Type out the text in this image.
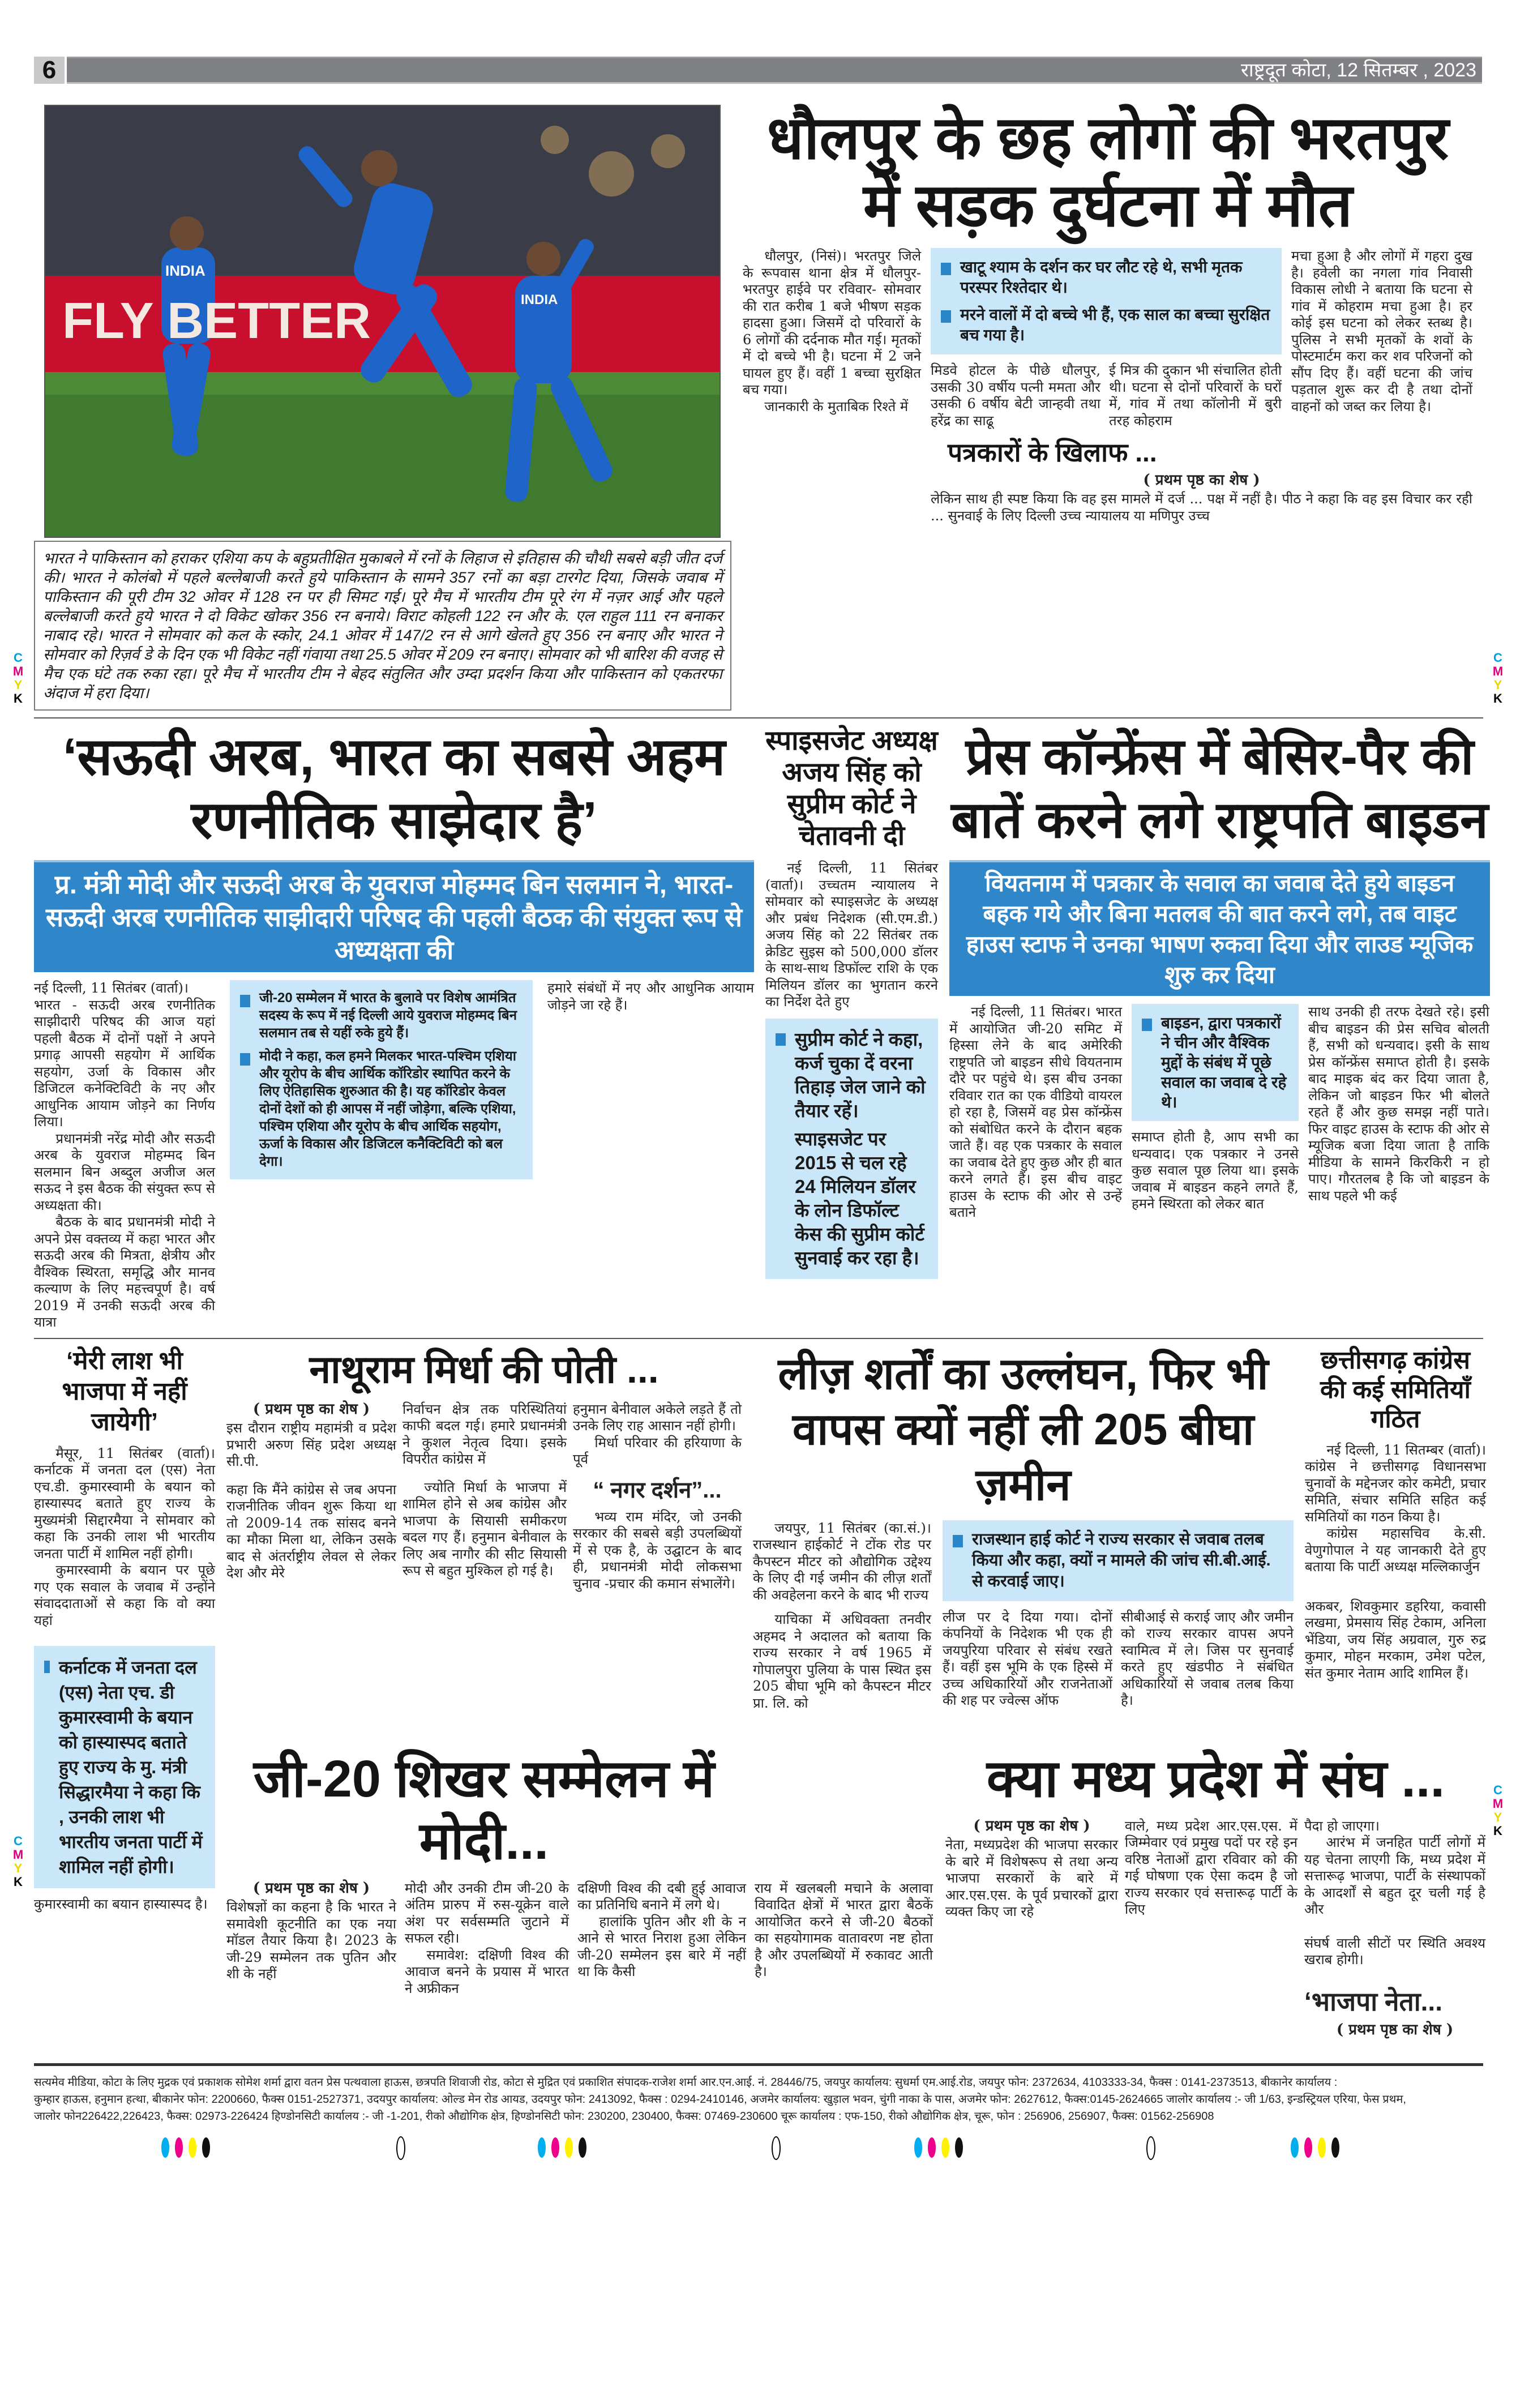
6	राष्ट्रदूत कोटा, 12 सितम्बर , 2023
C
M
Y
K
C
M
Y
K
C
M
Y
K
C
M
Y
K
INDIA
INDIA
FLY BETTER
भारत ने पाकिस्तान को हराकर एशिया कप के बहुप्रतीक्षित मुकाबले में रनों के लिहाज से इतिहास की चौथी सबसे बड़ी जीत दर्ज की। भारत ने कोलंबो में पहले बल्लेबाजी करते हुये पाकिस्तान के सामने 357 रनों का बड़ा टारगेट दिया, जिसके जवाब में पाकिस्तान की पूरी टीम 32 ओवर में 128 रन पर ही सिमट गई। पूरे मैच में भारतीय टीम पूरे रंग में नज़र आई और पहले बल्लेबाजी करते हुये भारत ने दो विकेट खोकर 356 रन बनाये। विराट कोहली 122 रन और के. एल राहुल 111 रन बनाकर नाबाद रहे। भारत ने सोमवार को कल के स्कोर, 24.1 ओवर में 147/2 रन से आगे खेलते हुए 356 रन बनाए और भारत ने सोमवार को रिज़र्व डे के दिन एक भी विकेट नहीं गंवाया तथा 25.5 ओवर में 209 रन बनाए। सोमवार को भी बारिश की वजह से मैच एक घंटे तक रुका रहा। पूरे मैच में भारतीय टीम ने बेहद संतुलित और उम्दा प्रदर्शन किया और पाकिस्तान को एकतरफा अंदाज में हरा दिया।
धौलपुर के छह लोगों की भरतपुर में सड़क दुर्घटना में मौत

धौलपुर, (निसं)। भरतपुर जिले के रूपवास थाना क्षेत्र में धौलपुर- भरतपुर हाईवे पर रविवार- सोमवार की रात करीब 1 बजे भीषण सड़क हादसा हुआ। जिसमें दो परिवारों के 6 लोगों की दर्दनाक मौत गई। मृतकों में दो बच्चे भी है। घटना में 2 जने घायल हुए हैं। वहीं 1 बच्चा सुरक्षित बच गया।

जानकारी के मुताबिक रिश्ते में

खाटू श्याम के दर्शन कर घर लौट रहे थे, सभी मृतक परस्पर रिश्तेदार थे।
मरने वालों में दो बच्चे भी हैं, एक साल का बच्चा सुरक्षित बच गया है।

मिडवे होटल के पीछे धौलपुर, उसकी 30 वर्षीय पत्नी ममता और उसकी 6 वर्षीय बेटी जान्हवी तथा हरेंद्र का साढू

ई मित्र की दुकान भी संचालित होती थी। घटना से दोनों परिवारों के घरों में, गांव में तथा कॉलोनी में बुरी तरह कोहराम

मचा हुआ है और लोगों में गहरा दुख है। हवेली का नगला गांव निवासी विकास लोधी ने बताया कि घटना से गांव में कोहराम मचा हुआ है। हर कोई इस घटना को लेकर स्तब्ध है। पुलिस ने सभी मृतकों के शवों के पोस्टमार्टम करा कर शव परिजनों को सौंप दिए हैं। वहीं घटना की जांच पड़ताल शुरू कर दी है तथा दोनों वाहनों को जब्त कर लिया है।

पत्रकारों के खिलाफ ...
( प्रथम पृष्ठ का शेष )

लेकिन साथ ही स्पष्ट किया कि वह इस मामले में दर्ज ... पक्ष में नहीं है। पीठ ने कहा कि वह इस विचार कर रही ... सुनवाई के लिए दिल्ली उच्च न्यायालय या मणिपुर उच्च

‘सऊदी अरब, भारत का सबसे अहम रणनीतिक साझेदार है’
प्र. मंत्री मोदी और सऊदी अरब के युवराज मोहम्मद बिन सलमान ने, भारत-सऊदी अरब रणनीतिक साझीदारी परिषद की पहली बैठक की संयुक्त रूप से अध्यक्षता की

नई दिल्ली, 11 सितंबर (वार्ता)।

भारत - सऊदी अरब रणनीतिक साझीदारी परिषद की आज यहां पहली बैठक में दोनों पक्षों ने अपने प्रगाढ़ आपसी सहयोग में आर्थिक सहयोग, उर्जा के विकास और डिजिटल कनेक्टिविटी के नए और आधुनिक आयाम जोड़ने का निर्णय लिया।

प्रधानमंत्री नरेंद्र मोदी और सऊदी अरब के युवराज मोहम्मद बिन सलमान बिन अब्दुल अजीज अल सऊद ने इस बैठक की संयुक्त रूप से अध्यक्षता की।

बैठक के बाद प्रधानमंत्री मोदी ने अपने प्रेस वक्तव्य में कहा भारत और सऊदी अरब की मित्रता, क्षेत्रीय और वैश्विक स्थिरता, समृद्धि और मानव कल्याण के लिए महत्त्वपूर्ण है। वर्ष 2019 में उनकी सऊदी अरब की यात्रा

जी-20 सम्मेलन में भारत के बुलावे पर विशेष आमंत्रित सदस्य के रूप में नई दिल्ली आये युवराज मोहम्मद बिन सलमान तब से यहीं रुके हुये हैं।
मोदी ने कहा, कल हमने मिलकर भारत-पश्चिम एशिया और यूरोप के बीच आर्थिक कॉरिडोर स्थापित करने के लिए ऐतिहासिक शुरुआत की है। यह कॉरिडोर केवल दोनों देशों को ही आपस में नहीं जोड़ेगा, बल्कि एशिया, पश्चिम एशिया और यूरोप के बीच आर्थिक सहयोग, ऊर्जा के विकास और डिजिटल कनैक्टिविटी को बल देगा।

हमारे संबंधों में नए और आधुनिक आयाम जोड़ने जा रहे हैं।

स्पाइसजेट अध्यक्ष अजय सिंह को सुप्रीम कोर्ट ने चेतावनी दी

नई दिल्ली, 11 सितंबर (वार्ता)। उच्चतम न्यायालय ने सोमवार को स्पाइसजेट के अध्यक्ष और प्रबंध निदेशक (सी.एम.डी.) अजय सिंह को 22 सितंबर तक क्रेडिट सुइस को 500,000 डॉलर के साथ-साथ डिफॉल्ट राशि के एक मिलियन डॉलर का भुगतान करने का निर्देश देते हुए

सुप्रीम कोर्ट ने कहा, कर्ज चुका दें वरना तिहाड़ जेल जाने को तैयार रहें।
स्पाइसजेट पर 2015 से चल रहे 24 मिलियन डॉलर के लोन डिफॉल्ट केस की सुप्रीम कोर्ट सुनवाई कर रहा है।
प्रेस कॉन्फ्रेंस में बेसिर-पैर की बातें करने लगे राष्ट्रपति बाइडन
वियतनाम में पत्रकार के सवाल का जवाब देते हुये बाइडन बहक गये और बिना मतलब की बात करने लगे, तब वाइट हाउस स्टाफ ने उनका भाषण रुकवा दिया और लाउड म्यूजिक शुरु कर दिया

नई दिल्ली, 11 सितंबर। भारत में आयोजित जी-20 समिट में हिस्सा लेने के बाद अमेरिकी राष्ट्रपति जो बाइडन सीधे वियतनाम दौरे पर पहुंचे थे। इस बीच उनका रविवार रात का एक वीडियो वायरल हो रहा है, जिसमें वह प्रेस कॉन्फ्रेंस को संबोधित करने के दौरान बहक जाते हैं। वह एक पत्रकार के सवाल का जवाब देते हुए कुछ और ही बात करने लगते हैं। इस बीच वाइट हाउस के स्टाफ की ओर से उन्हें बताने

बाइडन, द्वारा पत्रकारों ने चीन और वैश्विक मुद्दों के संबंध में पूछे सवाल का जवाब दे रहे थे।

समाप्त होती है, आप सभी का धन्यवाद। एक पत्रकार ने उनसे कुछ सवाल पूछ लिया था। इसके जवाब में बाइडन कहने लगते हैं, हमने स्थिरता को लेकर बात

साथ उनकी ही तरफ देखते रहे। इसी बीच बाइडन की प्रेस सचिव बोलती हैं, सभी को धन्यवाद। इसी के साथ प्रेस कॉन्फ्रेंस समाप्त होती है। इसके बाद माइक बंद कर दिया जाता है, लेकिन जो बाइडन फिर भी बोलते रहते हैं और कुछ समझ नहीं पाते। फिर वाइट हाउस के स्टाफ की ओर से म्यूजिक बजा दिया जाता है ताकि मीडिया के सामने किरकिरी न हो पाए। गौरतलब है कि जो बाइडन के साथ पहले भी कई

‘मेरी लाश भी भाजपा में नहीं जायेगी’

मैसूर, 11 सितंबर (वार्ता)। कर्नाटक में जनता दल (एस) नेता एच.डी. कुमारस्वामी के बयान को हास्यास्पद बताते हुए राज्य के मुख्यमंत्री सिद्दारमैया ने सोमवार को कहा कि उनकी लाश भी भारतीय जनता पार्टी में शामिल नहीं होगी।

कुमारस्वामी के बयान पर पूछे गए एक सवाल के जवाब में उन्होंने संवाददाताओं से कहा कि वो क्या यहां

कर्नाटक में जनता दल (एस) नेता एच. डी कुमारस्वामी के बयान को हास्यास्पद बताते हुए राज्य के मु. मंत्री सिद्धारमैया ने कहा कि , उनकी लाश भी भारतीय जनता पार्टी में शामिल नहीं होगी।

कुमारस्वामी का बयान हास्यास्पद है।

नाथूराम मिर्धा की पोती ...
( प्रथम पृष्ठ का शेष )

इस दौरान राष्ट्रीय महामंत्री व प्रदेश प्रभारी अरुण सिंह प्रदेश अध्यक्ष सी.पी.

कहा कि मैंने कांग्रेस से जब अपना राजनीतिक जीवन शुरू किया था तो 2009-14 तक सांसद बनने का मौका मिला था, लेकिन उसके बाद से अंतर्राष्ट्रीय लेवल से लेकर देश और मेरे

निर्वाचन क्षेत्र तक परिस्थितियां काफी बदल गई। हमारे प्रधानमंत्री ने कुशल नेतृत्व दिया। इसके विपरीत कांग्रेस में

ज्योति मिर्धा के भाजपा में शामिल होने से अब कांग्रेस और भाजपा के सियासी समीकरण बदल गए हैं। हनुमान बेनीवाल के लिए अब नागौर की सीट सियासी रूप से बहुत मुश्किल हो गई है।

हनुमान बेनीवाल अकेले लड़ते हैं तो उनके लिए राह आसान नहीं होगी।

मिर्धा परिवार की हरियाणा के पूर्व

“ नगर दर्शन”...

भव्य राम मंदिर, जो उनकी सरकार की सबसे बड़ी उपलब्धियों में से एक है, के उद्घाटन के बाद ही, प्रधानमंत्री मोदी लोकसभा चुनाव -प्रचार की कमान संभालेंगे।

लीज़ शर्तों का उल्लंघन, फिर भी वापस क्यों नहीं ली 205 बीघा ज़मीन

जयपुर, 11 सितंबर (का.सं.)। राजस्थान हाईकोर्ट ने टोंक रोड पर कैपस्टन मीटर को औद्योगिक उद्देश्य के लिए दी गई जमीन की लीज़ शर्तों की अवहेलना करने के बाद भी राज्य

याचिका में अधिवक्ता तनवीर अहमद ने अदालत को बताया कि राज्य सरकार ने वर्ष 1965 में गोपालपुरा पुलिया के पास स्थित इस 205 बीघा भूमि को कैपस्टन मीटर प्रा. लि. को

राजस्थान हाई कोर्ट ने राज्य सरकार से जवाब तलब किया और कहा, क्यों न मामले की जांच सी.बी.आई. से करवाई जाए।

लीज पर दे दिया गया। दोनों कंपनियों के निदेशक भी एक ही जयपुरिया परिवार से संबंध रखते हैं। वहीं इस भूमि के एक हिस्से में उच्च अधिकारियों और राजनेताओं की शह पर ज्वेल्स ऑफ

सीबीआई से कराई जाए और जमीन को राज्य सरकार वापस अपने स्वामित्व में ले। जिस पर सुनवाई करते हुए खंडपीठ ने संबंधित अधिकारियों से जवाब तलब किया है।

छत्तीसगढ़ कांग्रेस की कई समितियाँ गठित

नई दिल्ली, 11 सितम्बर (वार्ता)। कांग्रेस ने छत्तीसगढ़ विधानसभा चुनावों के मद्देनजर कोर कमेटी, प्रचार समिति, संचार समिति सहित कई समितियों का गठन किया है।

कांग्रेस महासचिव के.सी. वेणुगोपाल ने यह जानकारी देते हुए बताया कि पार्टी अध्यक्ष मल्लिकार्जुन

अकबर, शिवकुमार डहरिया, कवासी लखमा, प्रेमसाय सिंह टेकाम, अनिला भेंडिया, जय सिंह अग्रवाल, गुरु रुद्र कुमार, मोहन मरकाम, उमेश पटेल, संत कुमार नेताम आदि शामिल हैं।

जी-20 शिखर सम्मेलन में मोदी...
( प्रथम पृष्ठ का शेष )

विशेषज्ञों का कहना है कि भारत ने समावेशी कूटनीति का एक नया मॉडल तैयार किया है। 2023 के जी-29 सम्मेलन तक पुतिन और शी के नहीं

मोदी और उनकी टीम जी-20 के अंतिम प्रारुप में रुस-यूक्रेन वाले अंश पर सर्वसम्मति जुटाने में सफल रही।

समावेश: दक्षिणी विश्व की आवाज बनने के प्रयास में भारत ने अफ्रीकन

दक्षिणी विश्व की दबी हुई आवाज का प्रतिनिधि बनाने में लगे थे।

हालांकि पुतिन और शी के न आने से भारत निराश हुआ लेकिन जी-20 सम्मेलन इस बारे में नहीं था कि कैसी

राय में खलबली मचाने के अलावा विवादित क्षेत्रों में भारत द्वारा बैठकें आयोजित करने से जी-20 बैठकों का सहयोगामक वातावरण नष्ट होता है और उपलब्धियों में रुकावट आती है।

क्या मध्य प्रदेश में संघ ...
( प्रथम पृष्ठ का शेष )

नेता, मध्यप्रदेश की भाजपा सरकार के बारे में विशेषरूप से तथा अन्य भाजपा सरकारों के बारे में आर.एस.एस. के पूर्व प्रचारकों द्वारा व्यक्त किए जा रहे

वाले, मध्य प्रदेश आर.एस.एस. में जिम्मेवार एवं प्रमुख पदों पर रहे इन वरिष्ठ नेताओं द्वारा रविवार को की गई घोषणा एक ऐसा कदम है जो राज्य सरकार एवं सत्तारूढ़ पार्टी के लिए

पैदा हो जाएगा।

आरंभ में जनहित पार्टी लोगों में यह चेतना लाएगी कि, मध्य प्रदेश में सत्तारूढ़ भाजपा, पार्टी के संस्थापकों के आदर्शों से बहुत दूर चली गई है और

संघर्ष वाली सीटों पर स्थिति अवश्य खराब होगी।

‘भाजपा नेता...
( प्रथम पृष्ठ का शेष )
सत्यमेव मीडिया, कोटा के लिए मुद्रक एवं प्रकाशक सोमेश शर्मा द्वारा वतन प्रेस पत्थवाला हाऊस, छत्रपति शिवाजी रोड, कोटा से मुद्रित एवं प्रकाशित संपादक-राजेश शर्मा आर.एन.आई. नं. 28446/75, जयपुर कार्यालय: सुधर्मा एम.आई.रोड, जयपुर फोन: 2372634, 4103333-34, फैक्स : 0141-2373513, बीकानेर कार्यालय :
कुम्हार हाऊस, हनुमान हत्था, बीकानेर फोन: 2200660, फैक्स 0151-2527371, उदयपुर कार्यालय: ओल्ड मेन रोड आयड, उदयपुर फोन: 2413092, फैक्स : 0294-2410146, अजमेर कार्यालय: खुड़ाल भवन, चुंगी नाका के पास, अजमेर फोन: 2627612, फैक्स:0145-2624665 जालोर कार्यालय :- जी 1/63, इन्डस्ट्रियल एरिया, फेस प्रथम,
जालोर फोन226422,226423, फैक्स: 02973-226424 हिण्डोनसिटी कार्यालय :- जी -1-201, रीको औद्योगिक क्षेत्र, हिण्डोनसिटी फोन: 230200, 230400, फैक्स: 07469-230600 चूरू कार्यालय : एफ-150, रीको औद्योगिक क्षेत्र, चूरू, फोन : 256906, 256907, फैक्स: 01562-256908
